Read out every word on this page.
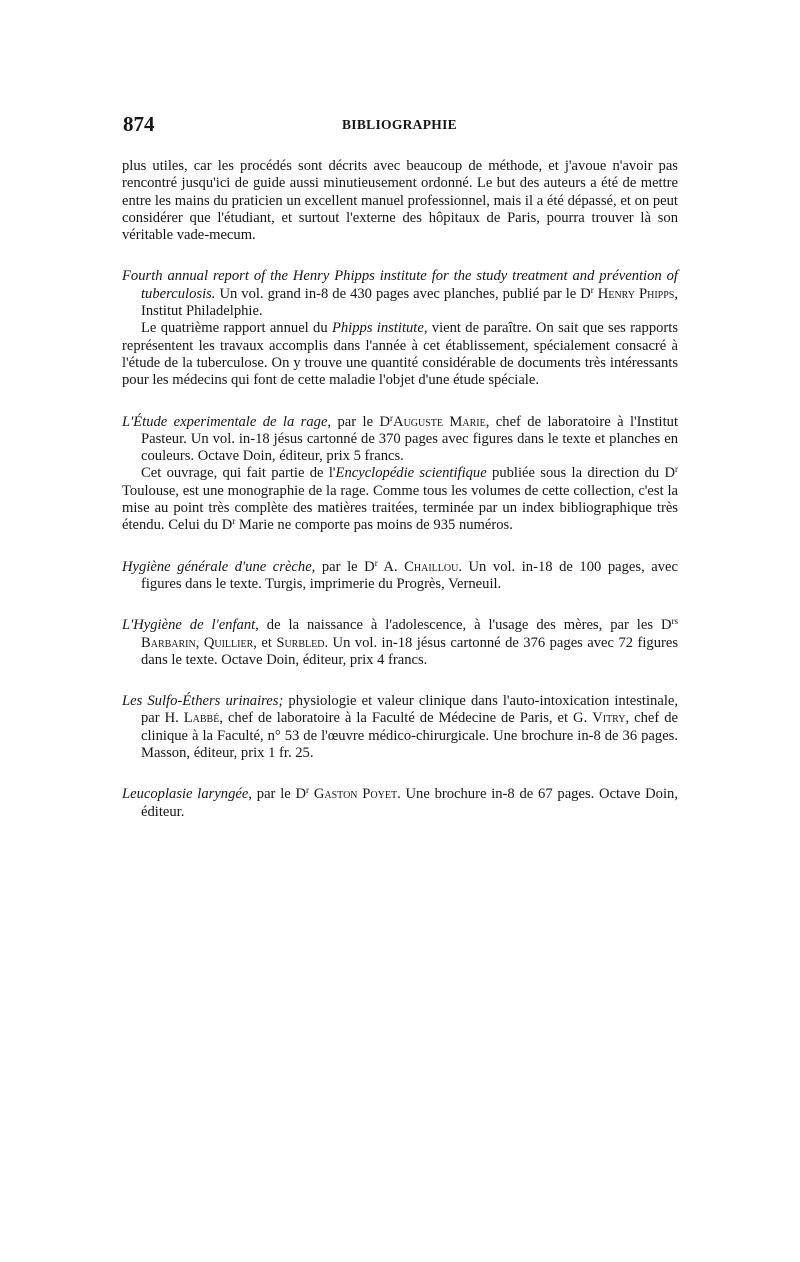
874	BIBLIOGRAPHIE

plus utiles, car les procédés sont décrits avec beaucoup de méthode, et j'avoue n'avoir pas rencontré jusqu'ici de guide aussi minutieusement ordonné. Le but des auteurs a été de mettre entre les mains du praticien un excellent manuel professionnel, mais il a été dépassé, et on peut considérer que l'étudiant, et surtout l'externe des hôpitaux de Paris, pourra trouver là son véritable vade-mecum.

Fourth annual report of the Henry Phipps institute for the study treatment and prévention of tuberculosis. Un vol. grand in-8 de 430 pages avec planches, publié par le $D^r$ Henry Phipps, Institut Philadelphie.

Le quatrième rapport annuel du Phipps institute, vient de paraître. On sait que ses rapports représentent les travaux accomplis dans l'année à cet établissement, spécialement consacré à l'étude de la tuberculose. On y trouve une quantité considérable de documents très intéressants pour les médecins qui font de cette maladie l'objet d'une étude spéciale.

L'Étude experimentale de la rage, par le $D^rAuguste$ Marie, chef de laboratoire à l'Institut Pasteur. Un vol. in-18 jésus cartonné de 370 pages avec figures dans le texte et planches en couleurs. Octave Doin, éditeur, prix 5 francs.

Cet ouvrage, qui fait partie de l'Encyclopédie scientifique publiée sous la direction du $D^r$ Toulouse, est une monographie de la rage. Comme tous les volumes de cette collection, c'est la mise au point très complète des matières traitées, terminée par un index bibliographique très étendu. Celui du $D^r$ Marie ne comporte pas moins de 935 numéros.

Hygiène générale d'une crèche, par le $D^r$ A. Chaillou. Un vol. in-18 de 100 pages, avec figures dans le texte. Turgis, imprimerie du Progrès, Verneuil.

L'Hygiène de l'enfant, de la naissance à l'adolescence, à l'usage des mères, par les $D^{rs}$ Barbarin, Quillier, et Surbled. Un vol. in-18 jésus cartonné de 376 pages avec 72 figures dans le texte. Octave Doin, éditeur, prix 4 francs.

Les Sulfo-Éthers urinaires; physiologie et valeur clinique dans l'auto-intoxication intestinale, par H. Labbé, chef de laboratoire à la Faculté de Médecine de Paris, et G. Vitry, chef de clinique à la Faculté, n° 53 de l'œuvre médico-chirurgicale. Une brochure in-8 de 36 pages. Masson, éditeur, prix 1 fr. 25.

Leucoplasie laryngée, par le $D^r$ Gaston Poyet. Une brochure in-8 de 67 pages. Octave Doin, éditeur.
